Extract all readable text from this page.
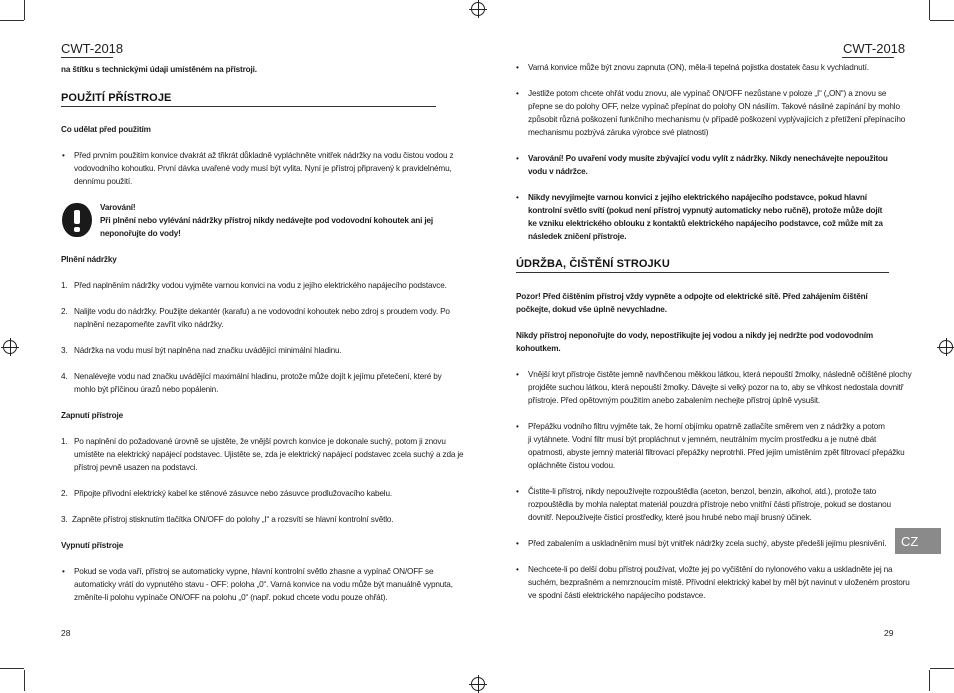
CWT-2018
na štítku s technickými údaji umístěném na přístroji.
POUŽITÍ PŘÍSTROJE
Co udělat před použitím
• Před prvním použitím konvice dvakrát až třikrát důkladně vypláchněte vnitřek nádržky na vodu čistou vodou z
vodovodního kohoutku. První dávka uvařené vody musí být vylita. Nyní je přístroj připravený k pravidelnému,
dennímu použití.
Varování!
Při plnění nebo vylévání nádržky přístroj nikdy nedávejte pod vodovodní kohoutek ani jej
neponořujte do vody!
Plnění nádržky
1. Před naplněním nádržky vodou vyjměte varnou konvici na vodu z jejího elektrického napájecího podstavce.
2. Nalijte vodu do nádržky. Použijte dekantér (karafu) a ne vodovodní kohoutek nebo zdroj s proudem vody. Po
naplnění nezapomeňte zavřít víko nádržky.
3. Nádržka na vodu musí být naplněna nad značku uvádějící minimální hladinu.
4. Nenalévejte vodu nad značku uvádějící maximální hladinu, protože může dojít k jejímu přetečení, které by
mohlo být příčinou úrazů nebo popálenin.
Zapnutí přístroje
1. Po naplnění do požadované úrovně se ujistěte, že vnější povrch konvice je dokonale suchý, potom ji znovu
umístěte na elektrický napájecí podstavec. Ujistěte se, zda je elektrický napájecí podstavec zcela suchý a zda je
přístroj pevně usazen na podstavci.
2. Připojte přívodní elektrický kabel ke stěnové zásuvce nebo zásuvce prodlužovacího kabelu.
3. Zapněte přístroj stisknutím tlačítka ON/OFF do polohy „I“ a rozsvítí se hlavní kontrolní světlo.
Vypnutí přístroje
• Pokud se voda vaří, přístroj se automaticky vypne, hlavní kontrolní světlo zhasne a vypínač ON/OFF se
automaticky vrátí do vypnutého stavu - OFF: poloha „0“. Varná konvice na vodu může být manuálně vypnuta,
změníte-li polohu vypínače ON/OFF na polohu „0“ (např. pokud chcete vodu pouze ohřát).
28
CWT-2018
• Varná konvice může být znovu zapnuta (ON), měla-li tepelná pojistka dostatek času k vychladnutí.
• Jestliže potom chcete ohřát vodu znovu, ale vypínač ON/OFF nezůstane v poloze „I“ („ON“) a znovu se
přepne se do polohy OFF, nelze vypínač přepínat do polohy ON násilím. Takové násilné zapínání by mohlo
způsobit různá poškození funkčního mechanismu (v případě poškození vyplývajících z přetížení přepínacího
mechanismu pozbývá záruka výrobce své platnosti)
• Varování! Po uvaření vody musíte zbývající vodu vylít z nádržky. Nikdy nenechávejte nepoužitou
vodu v nádržce.
• Nikdy nevyjímejte varnou konvici z jejího elektrického napájecího podstavce, pokud hlavní
kontrolní světlo svítí (pokud není přístroj vypnutý automaticky nebo ručně), protože může dojít
ke vzniku elektrického oblouku z kontaktů elektrického napájecího podstavce, což může mít za
následek zničení přístroje.
ÚDRŽBA, ČIŠTĚNÍ STROJKU
Pozor! Před čištěním přístroj vždy vypněte a odpojte od elektrické sítě. Před zahájením čištění
počkejte, dokud vše úplně nevychladne.
Nikdy přístroj neponořujte do vody, nepostřikujte jej vodou a nikdy jej nedržte pod vodovodním
kohoutkem.
• Vnější kryt přístroje čistěte jemně navlhčenou měkkou látkou, která nepouští žmolky, následně očištěné plochy
projděte suchou látkou, která nepouští žmolky. Dávejte si velký pozor na to, aby se vlhkost nedostala dovnitř
přístroje. Před opětovným použitím anebo zabalením nechejte přístroj úplně vysušit.
• Přepážku vodního filtru vyjměte tak, že horní objímku opatrně zatlačíte směrem ven z nádržky a potom
ji vytáhnete. Vodní filtr musí být propláchnut v jemném, neutrálním mycím prostředku a je nutné dbát
opatrnosti, abyste jemný materiál filtrovací přepážky neprotrhli. Před jejím umístěním zpět filtrovací přepážku
opláchněte čistou vodou.
• Čistite-li přístroj, nikdy nepoužívejte rozpouštědla (aceton, benzol, benzin, alkohol, atd.), protože tato
rozpouštědla by mohla naleptat materiál pouzdra přístroje nebo vnitřní části přístroje, pokud se dostanou
dovnitř. Nepoužívejte čisticí prostředky, které jsou hrubé nebo mají brusný účinek.
• Před zabalením a uskladněním musí být vnitřek nádržky zcela suchý, abyste předešli jejímu plesnivění.
• Nechcete-li po delší dobu přístroj používat, vložte jej po vyčištění do nylonového vaku a uskladněte jej na
suchém, bezprašném a nemrznoucím místě. Přívodní elektrický kabel by měl být navinut v uloženém prostoru
ve spodní části elektrického napájecího podstavce.
CZ
29
